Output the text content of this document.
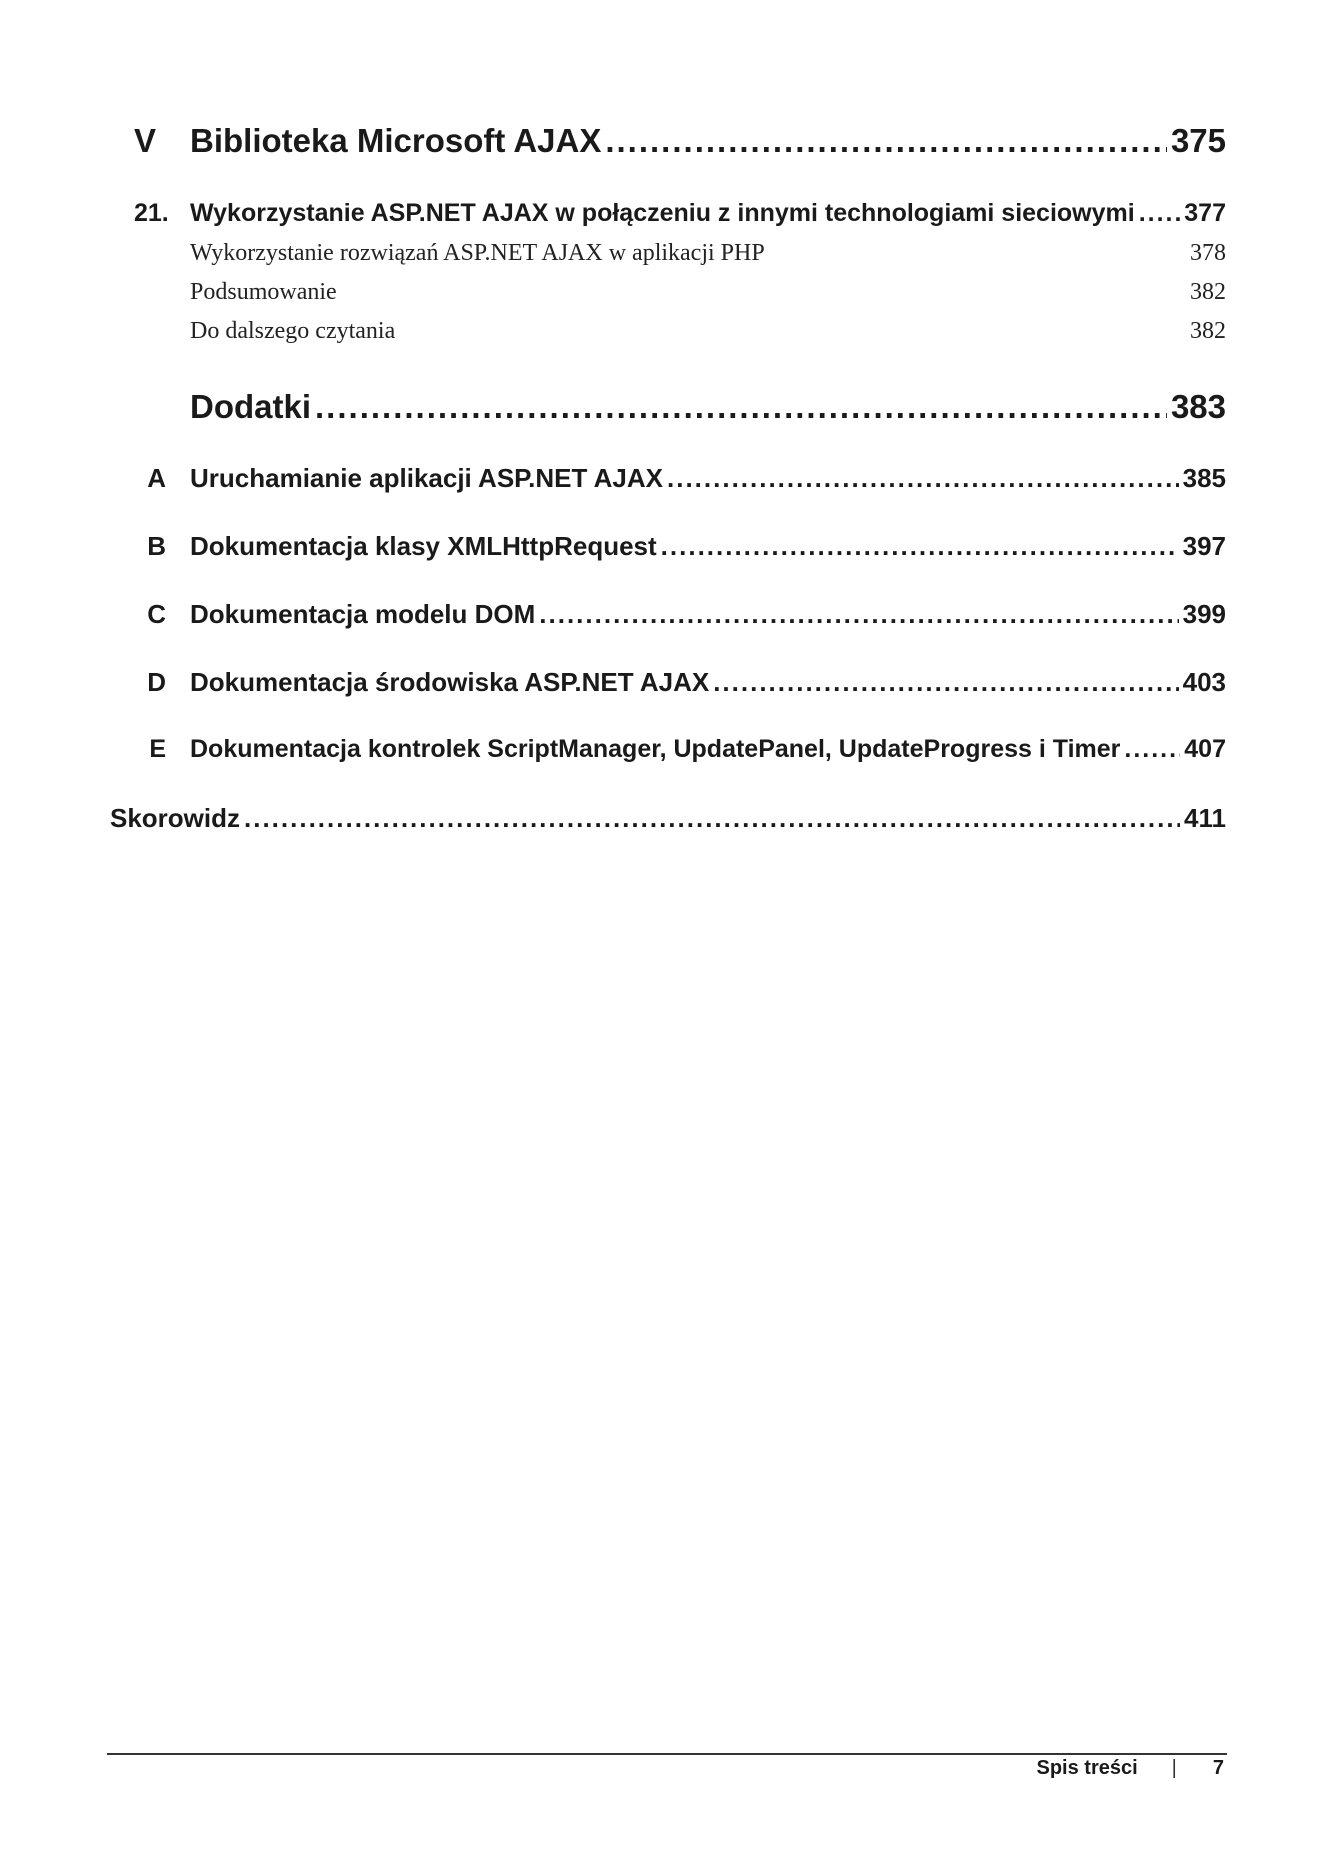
V	Biblioteka Microsoft AJAX .....	375
21. Wykorzystanie ASP.NET AJAX w połączeniu z innymi technologiami sieciowymi ..... 377
Wykorzystanie rozwiązań ASP.NET AJAX w aplikacji PHP	378
Podsumowanie	382
Do dalszego czytania	382
Dodatki .....	383
A Uruchamianie aplikacji ASP.NET AJAX .....	385
B Dokumentacja klasy XMLHttpRequest .....	397
C Dokumentacja modelu DOM .....	399
D Dokumentacja środowiska ASP.NET AJAX .....	403
E Dokumentacja kontrolek ScriptManager, UpdatePanel, UpdateProgress i Timer .....	407
Skorowidz .....	411
Spis treści | 7
